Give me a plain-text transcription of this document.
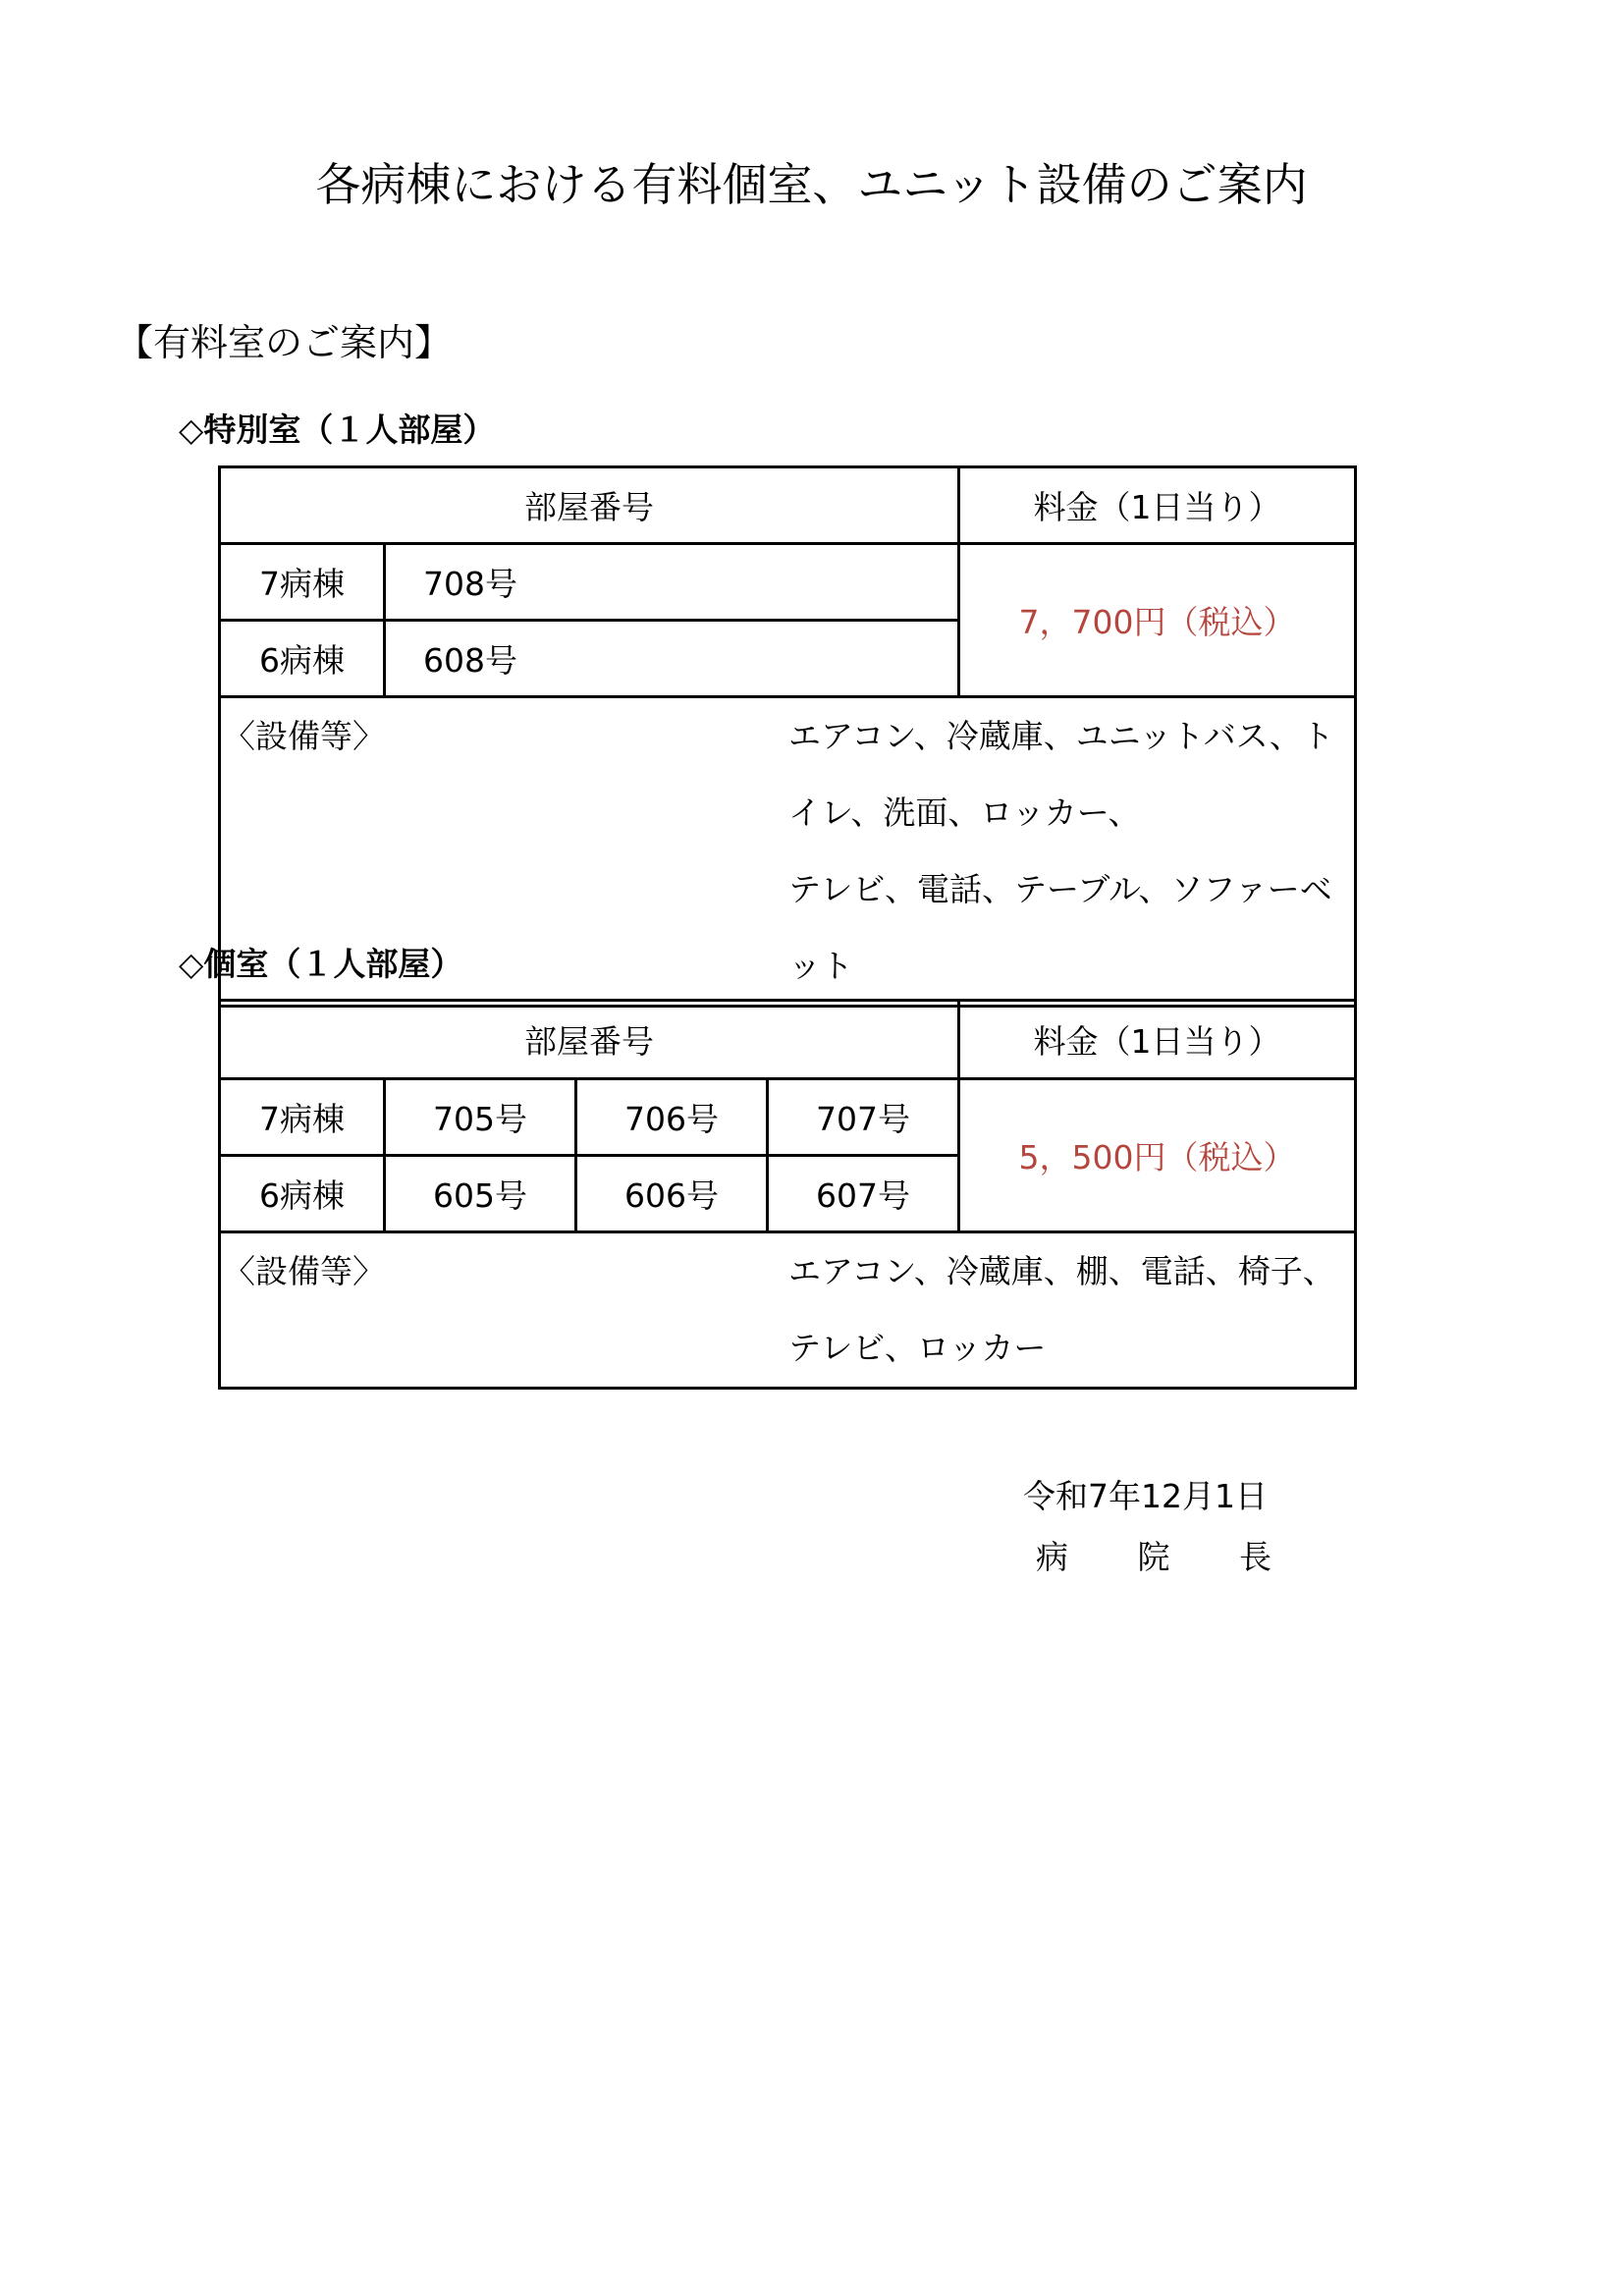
各病棟における有料個室、ユニット設備のご案内
【有料室のご案内】
◇特別室（１人部屋）
部屋番号		料金（1日当り）
7病棟	708号	7，700円（税込）
6病棟	608号	

〈設備等〉 エアコン、冷蔵庫、ユニットバス、トイレ、洗面、ロッカー、
テレビ、電話、テーブル、ソファーベット		
◇個室（１人部屋）
部屋番号				料金（1日当り）
7病棟	705号	706号	707号	5，500円（税込）
6病棟	605号	606号	607号	

〈設備等〉 エアコン、冷蔵庫、棚、電話、椅子、テレビ、ロッカー				
令和7年12月1日
病 院 長
